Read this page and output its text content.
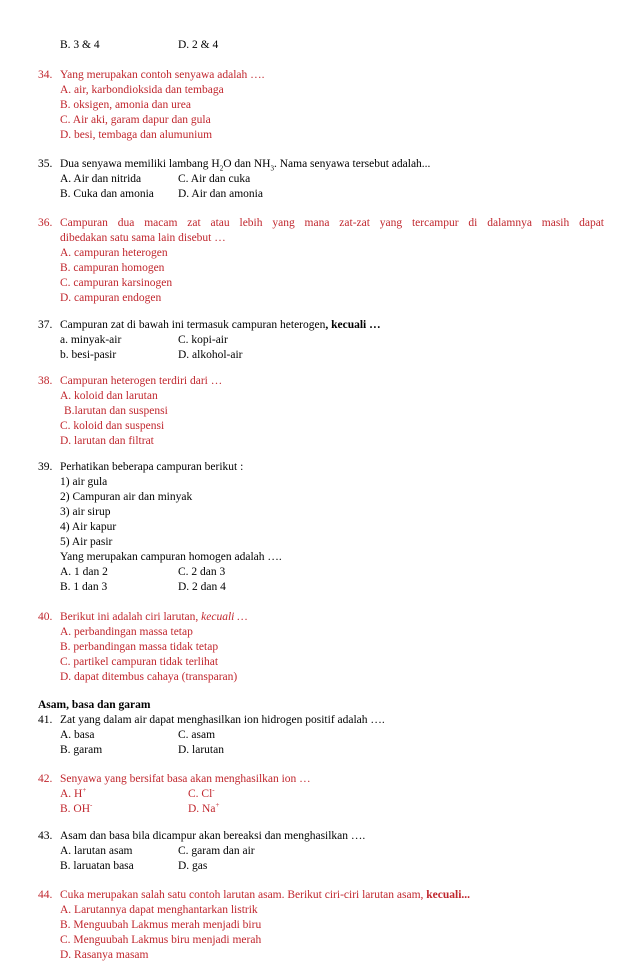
B. 3 & 4	D. 2 & 4
34. Yang merupakan contoh senyawa adalah ….
A. air, karbondioksida dan tembaga
B. oksigen, amonia dan urea
C. Air aki, garam dapur dan gula
D. besi, tembaga dan alumunium
35. Dua senyawa memiliki lambang $H_2O$ dan $NH_3$. Nama senyawa tersebut adalah...
A. Air dan nitrida	C. Air dan cuka
B. Cuka dan amonia D. Air dan amonia
36. Campuran dua macam zat atau lebih yang mana zat-zat yang tercampur di dalamnya masih dapat
dibedakan satu sama lain disebut …
A. campuran heterogen
B. campuran homogen
C. campuran karsinogen
D. campuran endogen
37. Campuran zat di bawah ini termasuk campuran heterogen, kecuali …
a. minyak-air	C. kopi-air
b. besi-pasir	D. alkohol-air
38. Campuran heterogen terdiri dari …
A. koloid dan larutan
B.larutan dan suspensi
C. koloid dan suspensi
D. larutan dan filtrat
39. Perhatikan beberapa campuran berikut :
1) air gula
2) Campuran air dan minyak
3) air sirup
4) Air kapur
5) Air pasir
Yang merupakan campuran homogen adalah ….
A. 1 dan 2	C. 2 dan 3
B. 1 dan 3	D. 2 dan 4
40. Berikut ini adalah ciri larutan, kecuali …
A. perbandingan massa tetap
B. perbandingan massa tidak tetap
C. partikel campuran tidak terlihat
D. dapat ditembus cahaya (transparan)
Asam, basa dan garam
41. Zat yang dalam air dapat menghasilkan ion hidrogen positif adalah ….
A. basa	C. asam
B. garam	D. larutan
42. Senyawa yang bersifat basa akan menghasilkan ion …
A. H+	C. Cl-
B. OH-	D. Na+
43. Asam dan basa bila dicampur akan bereaksi dan menghasilkan ….
A. larutan asam	C. garam dan air
B. laruatan basa	D. gas
44. Cuka merupakan salah satu contoh larutan asam. Berikut ciri-ciri larutan asam, kecuali...
A. Larutannya dapat menghantarkan listrik
B. Menguubah Lakmus merah menjadi biru
C. Menguubah Lakmus biru menjadi merah
D. Rasanya masam
